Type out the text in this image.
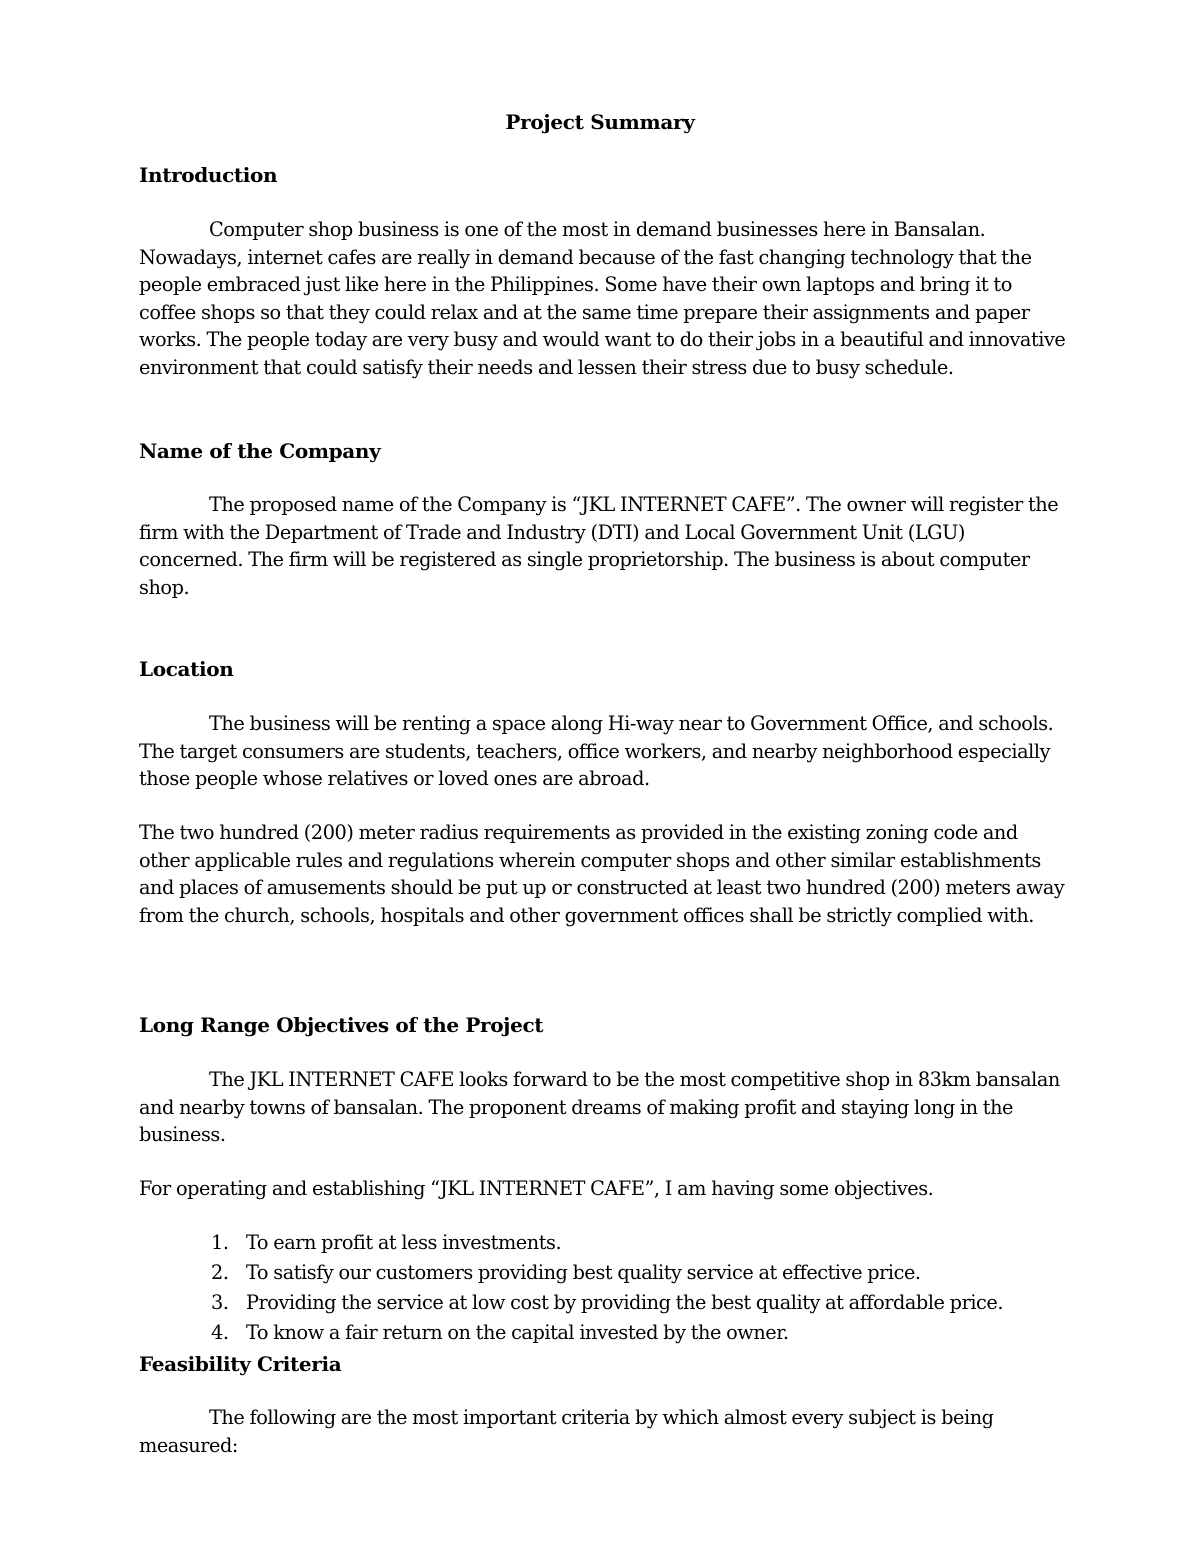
Project Summary
Introduction

Computer shop business is one of the most in demand businesses here in Bansalan. Nowadays, internet cafes are really in demand because of the fast changing technology that the people embraced just like here in the Philippines. Some have their own laptops and bring it to coffee shops so that they could relax and at the same time prepare their assignments and paper works. The people today are very busy and would want to do their jobs in a beautiful and innovative environment that could satisfy their needs and lessen their stress due to busy schedule.

Name of the Company

The proposed name of the Company is “JKL INTERNET CAFE”. The owner will register the firm with the Department of Trade and Industry (DTI) and Local Government Unit (LGU) concerned. The firm will be registered as single proprietorship. The business is about computer shop.

Location

The business will be renting a space along Hi-way near to Government Office, and schools. The target consumers are students, teachers, office workers, and nearby neighborhood especially those people whose relatives or loved ones are abroad.

The two hundred (200) meter radius requirements as provided in the existing zoning code and other applicable rules and regulations wherein computer shops and other similar establishments and places of amusements should be put up or constructed at least two hundred (200) meters away from the church, schools, hospitals and other government offices shall be strictly complied with.

Long Range Objectives of the Project

The JKL INTERNET CAFE looks forward to be the most competitive shop in 83km bansalan and nearby towns of bansalan. The proponent dreams of making profit and staying long in the business.

For operating and establishing “JKL INTERNET CAFE”, I am having some objectives.

1. To earn profit at less investments.
2. To satisfy our customers providing best quality service at effective price.
3. Providing the service at low cost by providing the best quality at affordable price.
4. To know a fair return on the capital invested by the owner.
Feasibility Criteria

The following are the most important criteria by which almost every subject is being measured:
